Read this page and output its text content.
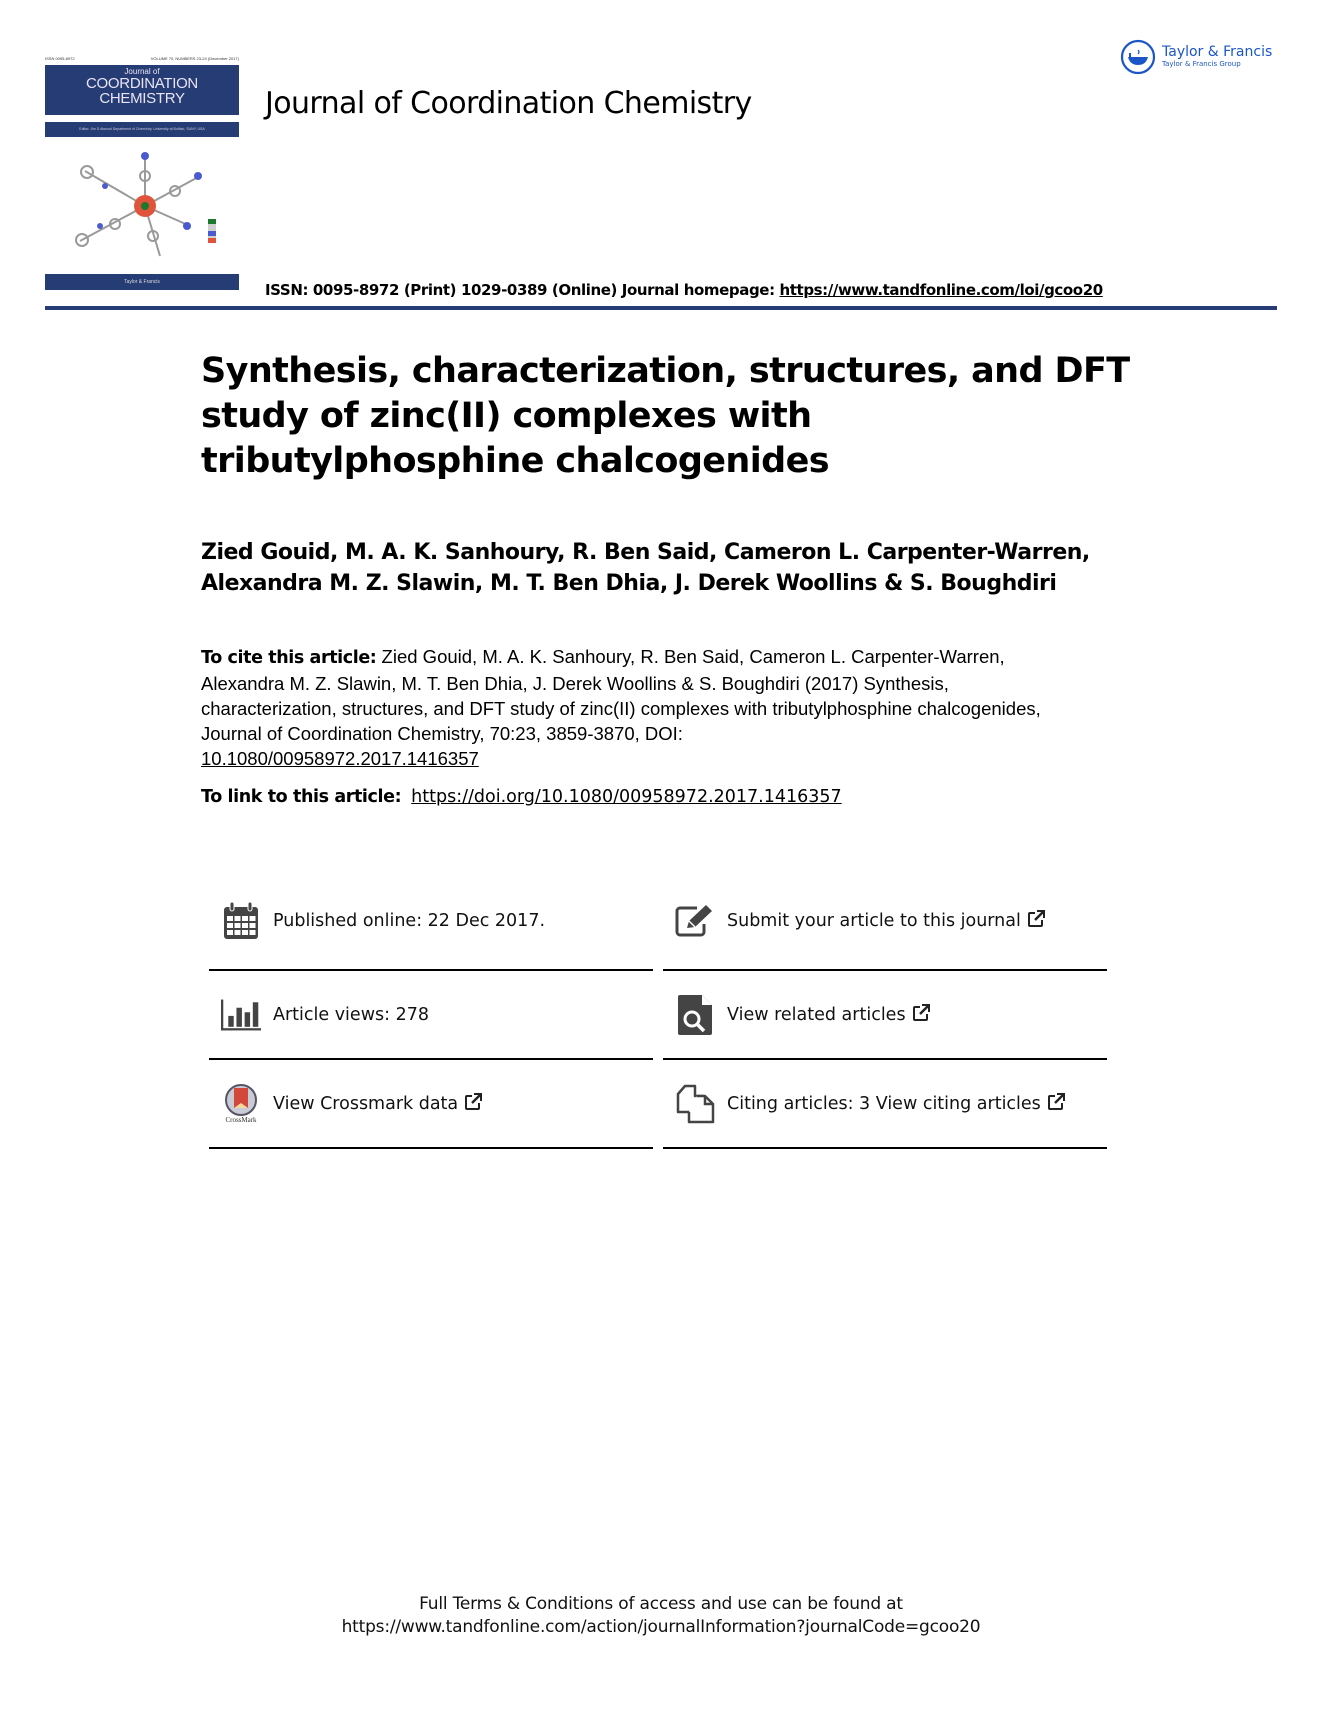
ISSN 0095-8972	VOLUME 70, NUMBERS 23-24 (December 2017)
Journal of
COORDINATION
CHEMISTRY
Editor: Jim D Atwood Department of Chemistry, University at Buffalo, SUNY, USA
Taylor & Francis
Journal of Coordination Chemistry
Taylor & Francis
Taylor & Francis Group
ISSN: 0095-8972 (Print) 1029-0389 (Online) Journal homepage: https://www.tandfonline.com/loi/gcoo20
Synthesis, characterization, structures, and DFT study of zinc(II) complexes with tributylphosphine chalcogenides
Zied Gouid, M. A. K. Sanhoury, R. Ben Said, Cameron L. Carpenter-Warren, Alexandra M. Z. Slawin, M. T. Ben Dhia, J. Derek Woollins & S. Boughdiri
To cite this article: Zied Gouid, M. A. K. Sanhoury, R. Ben Said, Cameron L. Carpenter-Warren, Alexandra M. Z. Slawin, M. T. Ben Dhia, J. Derek Woollins & S. Boughdiri (2017) Synthesis, characterization, structures, and DFT study of zinc(II) complexes with tributylphosphine chalcogenides, Journal of Coordination Chemistry, 70:23, 3859-3870, DOI:
10.1080/00958972.2017.1416357
To link to this article: https://doi.org/10.1080/00958972.2017.1416357
Published online: 22 Dec 2017.
Article views: 278
CrossMark
View Crossmark data
Submit your article to this journal
View related articles
Citing articles: 3 View citing articles
Full Terms & Conditions of access and use can be found at
https://www.tandfonline.com/action/journalInformation?journalCode=gcoo20
